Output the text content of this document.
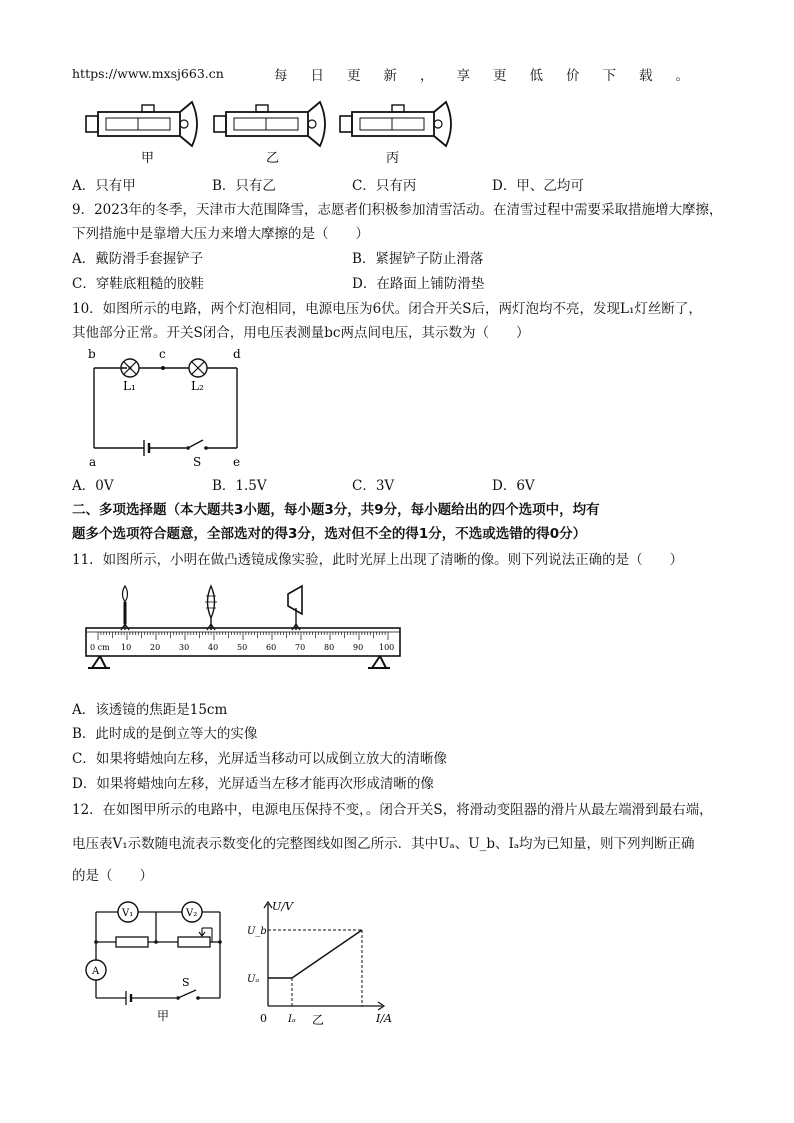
https://www.mxsj663.cn	每日更新，享更低价下载。
甲	乙	丙
A．只有甲	B．只有乙	C．只有丙	D．甲、乙均可
9．2023年的冬季，天津市大范围降雪，志愿者们积极参加清雪活动。在清雪过程中需要采取措施增大摩擦，
下列措施中是靠增大压力来增大摩擦的是（　　）
A．戴防滑手套握铲子	B．紧握铲子防止滑落
C．穿鞋底粗糙的胶鞋	D．在路面上铺防滑垫
10．如图所示的电路，两个灯泡相同，电源电压为6伏。闭合开关S后，两灯泡均不亮，发现L₁灯丝断了，
其他部分正常。开关S闭合，用电压表测量bc两点间电压，其示数为（　　）
b	c	d
L₁	L₂
a	S	e
A．0V	B．1.5V	C．3V	D．6V
二、多项选择题（本大题共3小题，每小题3分，共9分，每小题给出的四个选项中，均有
题多个选项符合题意，全部选对的得3分，选对但不全的得1分，不选或选错的得0分）
11．如图所示，小明在做凸透镜成像实验，此时光屏上出现了清晰的像。则下列说法正确的是（　　）
0 cm 10 20 30 40 50 60 70 80 90 100
A．该透镜的焦距是15cm
B．此时成的是倒立等大的实像
C．如果将蜡烛向左移，光屏适当移动可以成倒立放大的清晰像
D．如果将蜡烛向左移，光屏适当左移才能再次形成清晰的像
12．在如图甲所示的电路中，电源电压保持不变，。闭合开关S，将滑动变阻器的滑片从最左端滑到最右端，
电压表V₁示数随电流表示数变化的完整图线如图乙所示．其中Uₐ、U_b、Iₐ均为已知量，则下列判断正确
的是（　　）
V₁	V₂
A
S
甲
U/V
U_b
Uₐ
0 Iₐ 乙	I/A
